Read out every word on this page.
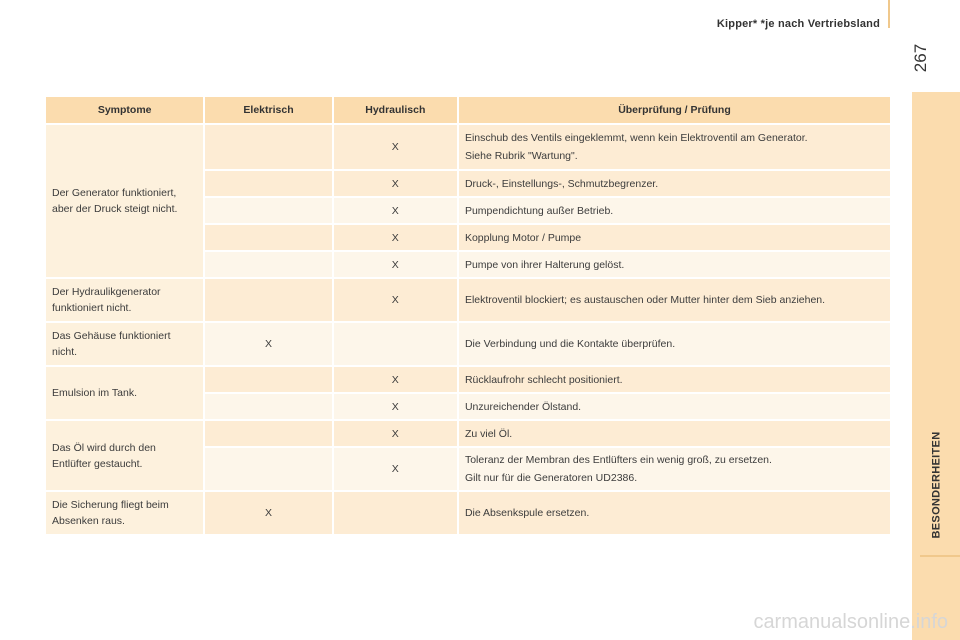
Kipper* *je nach Vertriebsland
267
BESONDERHEITEN
Symptome	Elektrisch	Hydraulisch	Überprüfung / Prüfung
Der Generator funktioniert, aber der Druck steigt nicht.		X	Einschub des Ventils eingeklemmt, wenn kein Elektroventil am Generator.
Siehe Rubrik "Wartung".

		X	Druck-, Einstellungs-, Schmutzbegrenzer.
		X	Pumpendichtung außer Betrieb.
		X	Kopplung Motor / Pumpe
		X	Pumpe von ihrer Halterung gelöst.
Der Hydraulikgenerator funktioniert nicht.		X	Elektroventil blockiert; es austauschen oder Mutter hinter dem Sieb anziehen.
Das Gehäuse funktioniert nicht.	X		Die Verbindung und die Kontakte überprüfen.
Emulsion im Tank.		X	Rücklaufrohr schlecht positioniert.
		X	Unzureichender Ölstand.
Das Öl wird durch den Entlüfter gestaucht.		X	Zu viel Öl.
		X	Toleranz der Membran des Entlüfters ein wenig groß, zu ersetzen.
Gilt nur für die Generatoren UD2386.

Die Sicherung fliegt beim Absenken raus.	X		Die Absenkspule ersetzen.
carmanualsonline.info
